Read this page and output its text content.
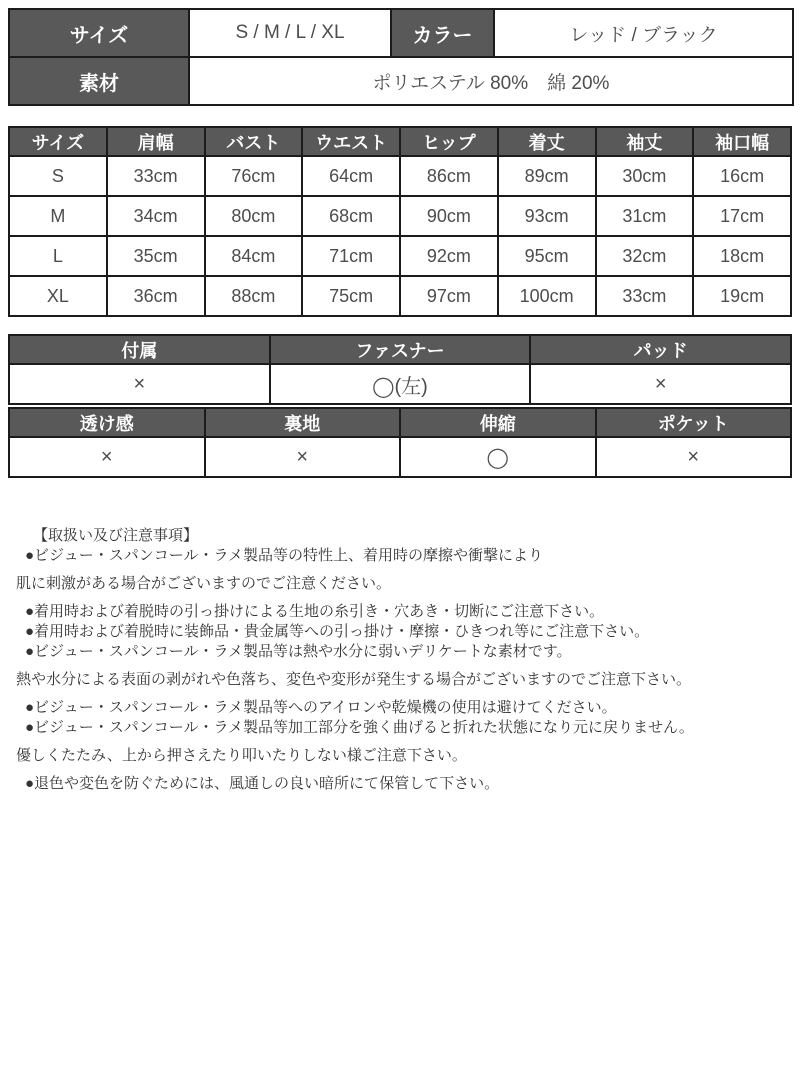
サイズ	S / M / L / XL	カラー	レッド / ブラック
素材	ポリエステル 80%　綿 20%		
サイズ	肩幅	バスト	ウエスト	ヒップ	着丈	袖丈	袖口幅
S	33cm	76cm	64cm	86cm	89cm	30cm	16cm
M	34cm	80cm	68cm	90cm	93cm	31cm	17cm
L	35cm	84cm	71cm	92cm	95cm	32cm	18cm
XL	36cm	88cm	75cm	97cm	100cm	33cm	19cm
付属	ファスナー	パッド
×	◯(左)	×
透け感	裏地	伸縮	ポケット
×	×	◯	×
【取扱い及び注意事項】
●ビジュー・スパンコール・ラメ製品等の特性上、着用時の摩擦や衝撃により
肌に刺激がある場合がございますのでご注意ください。
●着用時および着脱時の引っ掛けによる生地の糸引き・穴あき・切断にご注意下さい。
●着用時および着脱時に装飾品・貴金属等への引っ掛け・摩擦・ひきつれ等にご注意下さい。
●ビジュー・スパンコール・ラメ製品等は熱や水分に弱いデリケートな素材です。
熱や水分による表面の剥がれや色落ち、変色や変形が発生する場合がございますのでご注意下さい。
●ビジュー・スパンコール・ラメ製品等へのアイロンや乾燥機の使用は避けてください。
●ビジュー・スパンコール・ラメ製品等加工部分を強く曲げると折れた状態になり元に戻りません。
優しくたたみ、上から押さえたり叩いたりしない様ご注意下さい。
●退色や変色を防ぐためには、風通しの良い暗所にて保管して下さい。
